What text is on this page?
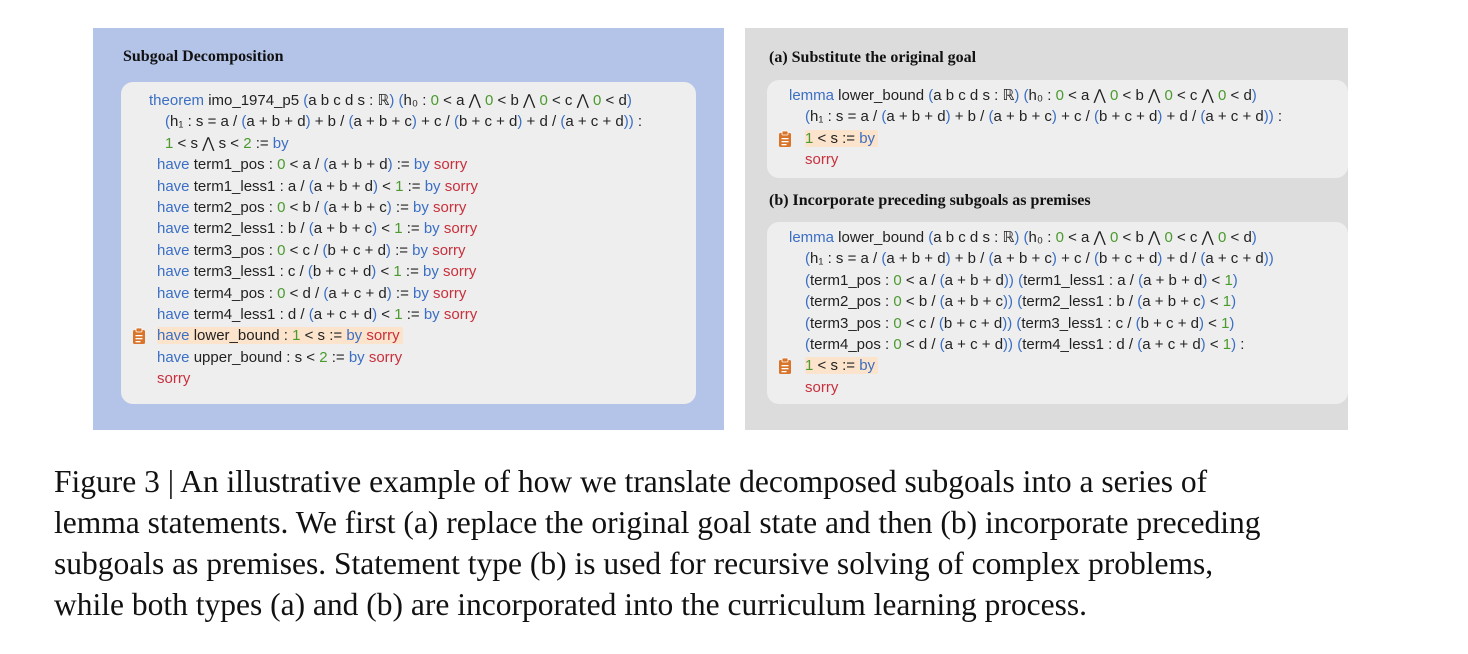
Subgoal Decomposition
theorem imo_1974_p5 (a b c d s : ℝ) (h₀ : 0 < a ⋀ 0 < b ⋀ 0 < c ⋀ 0 < d)
(h₁ : s = a / (a + b + d) + b / (a + b + c) + c / (b + c + d) + d / (a + c + d)) :
1 < s ⋀ s < 2 := by
have term1_pos : 0 < a / (a + b + d) := by sorry
have term1_less1 : a / (a + b + d) < 1 := by sorry
have term2_pos : 0 < b / (a + b + c) := by sorry
have term2_less1 : b / (a + b + c) < 1 := by sorry
have term3_pos : 0 < c / (b + c + d) := by sorry
have term3_less1 : c / (b + c + d) < 1 := by sorry
have term4_pos : 0 < d / (a + c + d) := by sorry
have term4_less1 : d / (a + c + d) < 1 := by sorry
have lower_bound : 1 < s := by sorry
have upper_bound : s < 2 := by sorry
sorry
(a) Substitute the original goal
lemma lower_bound (a b c d s : ℝ) (h₀ : 0 < a ⋀ 0 < b ⋀ 0 < c ⋀ 0 < d)
(h₁ : s = a / (a + b + d) + b / (a + b + c) + c / (b + c + d) + d / (a + c + d)) :
1 < s := by
sorry
(b) Incorporate preceding subgoals as premises
lemma lower_bound (a b c d s : ℝ) (h₀ : 0 < a ⋀ 0 < b ⋀ 0 < c ⋀ 0 < d)
(h₁ : s = a / (a + b + d) + b / (a + b + c) + c / (b + c + d) + d / (a + c + d))
(term1_pos : 0 < a / (a + b + d)) (term1_less1 : a / (a + b + d) < 1)
(term2_pos : 0 < b / (a + b + c)) (term2_less1 : b / (a + b + c) < 1)
(term3_pos : 0 < c / (b + c + d)) (term3_less1 : c / (b + c + d) < 1)
(term4_pos : 0 < d / (a + c + d)) (term4_less1 : d / (a + c + d) < 1) :
1 < s := by
sorry
Figure 3 | An illustrative example of how we translate decomposed subgoals into a series of
lemma statements. We first (a) replace the original goal state and then (b) incorporate preceding
subgoals as premises. Statement type (b) is used for recursive solving of complex problems,
while both types (a) and (b) are incorporated into the curriculum learning process.
